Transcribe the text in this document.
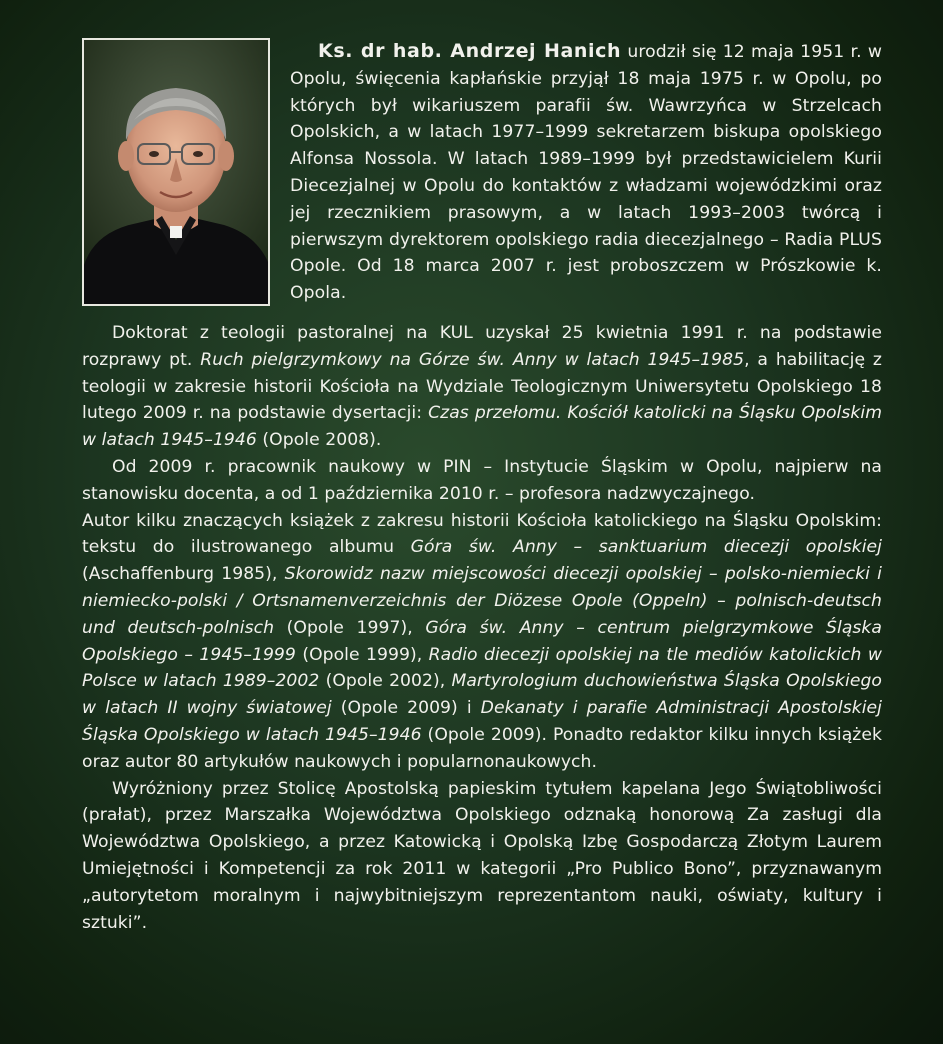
Ks. dr hab. Andrzej Hanich urodził się 12 maja 1951 r. w Opolu, święcenia kapłańskie przyjął 18 maja 1975 r. w Opolu, po których był wikariuszem parafii św. Wawrzyńca w Strzelcach Opolskich, a w latach 1977–1999 sekretarzem biskupa opolskiego Alfonsa Nossola. W latach 1989–1999 był przedstawicielem Kurii Diecezjalnej w Opolu do kontaktów z władzami wojewódzkimi oraz jej rzecznikiem prasowym, a w latach 1993–2003 twórcą i pierwszym dyrektorem opolskiego radia diecezjalnego – Radia PLUS Opole. Od 18 marca 2007 r. jest proboszczem w Prószkowie k. Opola.

Doktorat z teologii pastoralnej na KUL uzyskał 25 kwietnia 1991 r. na podstawie rozprawy pt. Ruch pielgrzymkowy na Górze św. Anny w latach 1945–1985, a habilitację z teologii w zakresie historii Kościoła na Wydziale Teologicznym Uniwersytetu Opolskiego 18 lutego 2009 r. na podstawie dysertacji: Czas przełomu. Kościół katolicki na Śląsku Opolskim w latach 1945–1946 (Opole 2008).

Od 2009 r. pracownik naukowy w PIN – Instytucie Śląskim w Opolu, najpierw na stanowisku docenta, a od 1 października 2010 r. – profesora nadzwyczajnego.

Autor kilku znaczących książek z zakresu historii Kościoła katolickiego na Śląsku Opolskim: tekstu do ilustrowanego albumu Góra św. Anny – sanktuarium diecezji opolskiej (Aschaffenburg 1985), Skorowidz nazw miejscowości diecezji opolskiej – polsko-niemiecki i niemiecko-polski / Ortsnamenverzeichnis der Diözese Opole (Oppeln) – polnisch-deutsch und deutsch-polnisch (Opole 1997), Góra św. Anny – centrum pielgrzymkowe Śląska Opolskiego – 1945–1999 (Opole 1999), Radio diecezji opolskiej na tle mediów katolickich w Polsce w latach 1989–2002 (Opole 2002), Martyrologium duchowieństwa Śląska Opolskiego w latach II wojny światowej (Opole 2009) i Dekanaty i parafie Administracji Apostolskiej Śląska Opolskiego w latach 1945–1946 (Opole 2009). Ponadto redaktor kilku innych książek oraz autor 80 artykułów naukowych i popularnonaukowych.

Wyróżniony przez Stolicę Apostolską papieskim tytułem kapelana Jego Świątobliwości (prałat), przez Marszałka Województwa Opolskiego odznaką honorową Za zasługi dla Województwa Opolskiego, a przez Katowicką i Opolską Izbę Gospodarczą Złotym Laurem Umiejętności i Kompetencji za rok 2011 w kategorii „Pro Publico Bono”, przyznawanym „autorytetom moralnym i najwybitniejszym reprezentantom nauki, oświaty, kultury i sztuki”.
